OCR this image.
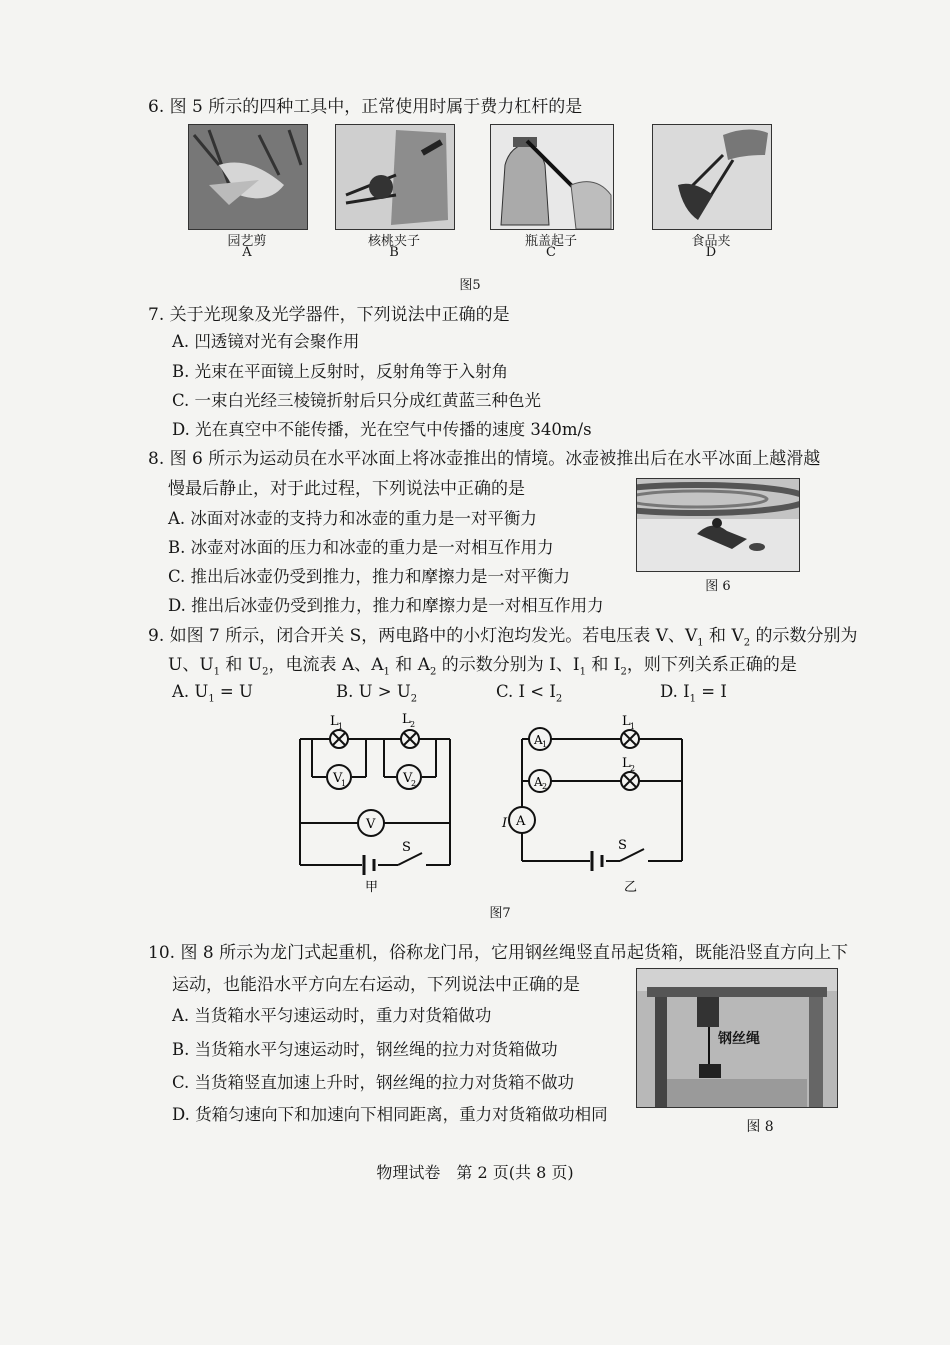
6. 图 5 所示的四种工具中，正常使用时属于费力杠杆的是
园艺剪
A
核桃夹子
B
瓶盖起子
C
食品夹
D
图5
7. 关于光现象及光学器件，下列说法中正确的是
A. 凹透镜对光有会聚作用
B. 光束在平面镜上反射时，反射角等于入射角
C. 一束白光经三棱镜折射后只分成红黄蓝三种色光
D. 光在真空中不能传播，光在空气中传播的速度 340m/s
8. 图 6 所示为运动员在水平冰面上将冰壶推出的情境。冰壶被推出后在水平冰面上越滑越
慢最后静止，对于此过程，下列说法中正确的是
A. 冰面对冰壶的支持力和冰壶的重力是一对平衡力
B. 冰壶对冰面的压力和冰壶的重力是一对相互作用力
C. 推出后冰壶仍受到推力，推力和摩擦力是一对平衡力
D. 推出后冰壶仍受到推力，推力和摩擦力是一对相互作用力
图 6
9. 如图 7 所示，闭合开关 S，两电路中的小灯泡均发光。若电压表 V、$V_1$ 和 $V_2$ 的示数分别为
U、$U_1$ 和 $U_2$，电流表 A、$A_1$ 和 $A_2$ 的示数分别为 I、$I_1$ 和 $I_2$，则下列关系正确的是
A. $U_1 = U$	B. $U > U_2$	C. $I < I_2$	D. $I_1 = I$
V
1	V
2
V
L 1	L 2
S
甲
A 1
A 2
A
I
L 1
L 2
S
乙
图7
10. 图 8 所示为龙门式起重机，俗称龙门吊，它用钢丝绳竖直吊起货箱，既能沿竖直方向上下
运动，也能沿水平方向左右运动，下列说法中正确的是
A. 当货箱水平匀速运动时，重力对货箱做功
B. 当货箱水平匀速运动时，钢丝绳的拉力对货箱做功
C. 当货箱竖直加速上升时，钢丝绳的拉力对货箱不做功
D. 货箱匀速向下和加速向下相同距离，重力对货箱做功相同
钢丝绳
图 8
物理试卷　第 2 页(共 8 页)
